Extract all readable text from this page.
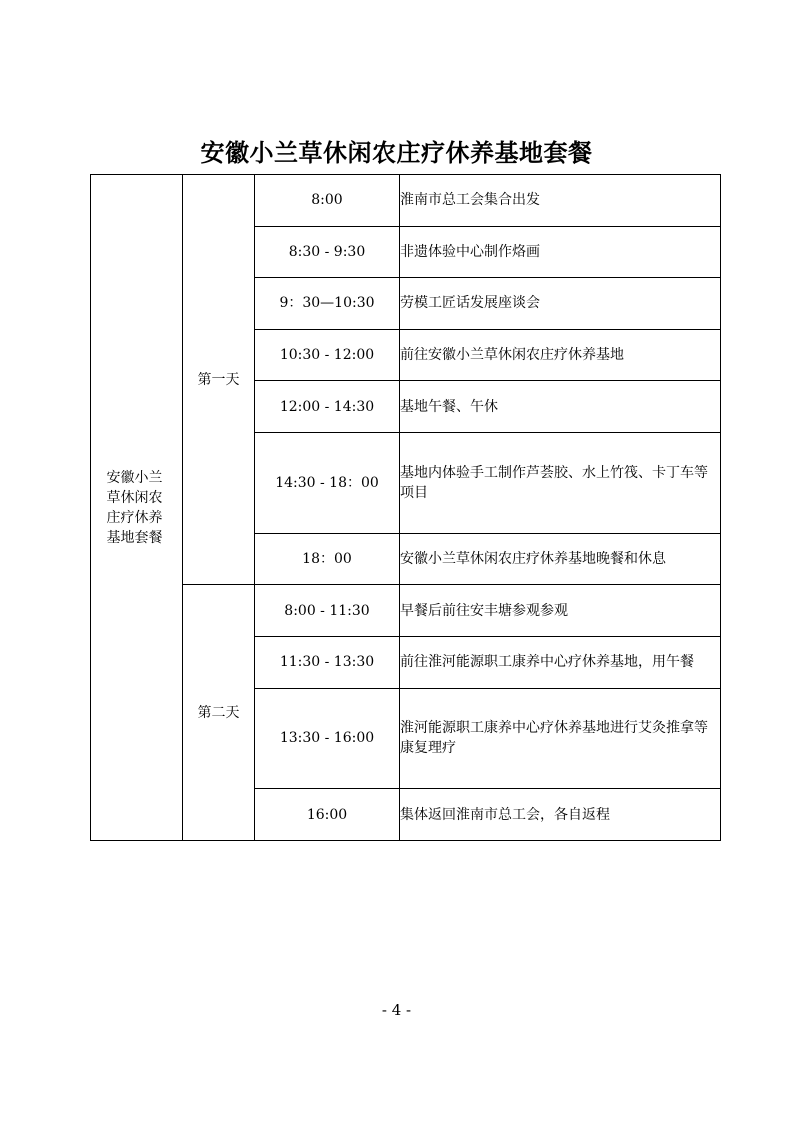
安徽小兰草休闲农庄疗休养基地套餐
安徽小兰草休闲农庄疗休养基地套餐	第一天	8:00	淮南市总工会集合出发
		8:30 - 9:30	非遗体验中心制作烙画
		9：30—10:30	劳模工匠话发展座谈会
		10:30 - 12:00	前往安徽小兰草休闲农庄疗休养基地
		12:00 - 14:30	基地午餐、午休
		14:30 - 18：00	基地内体验手工制作芦荟胶、水上竹筏、卡丁车等项目
		18：00	安徽小兰草休闲农庄疗休养基地晚餐和休息
	第二天	8:00 - 11:30	早餐后前往安丰塘参观参观
		11:30 - 13:30	前往淮河能源职工康养中心疗休养基地，用午餐
		13:30 - 16:00	淮河能源职工康养中心疗休养基地进行艾灸推拿等康复理疗
		16:00	集体返回淮南市总工会，各自返程
- 4 -
